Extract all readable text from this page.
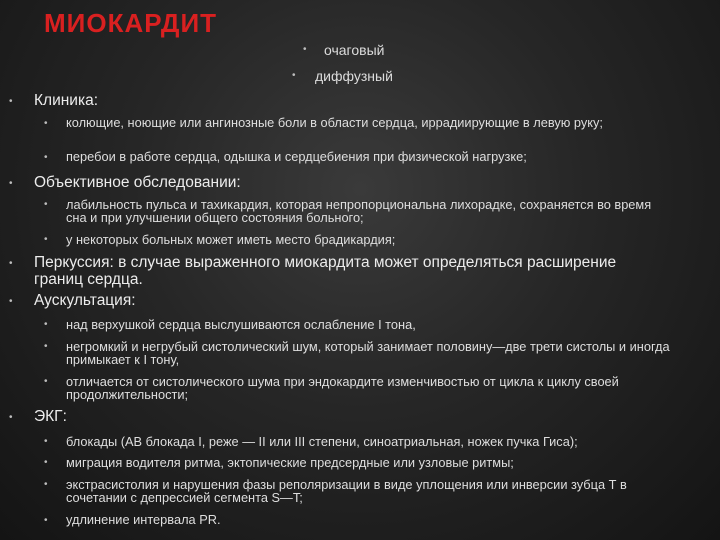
МИОКАРДИТ
• очаговый
• диффузный
• Клиника:
• колющие, ноющие или ангинозные боли в области сердца, иррадиирующие в левую руку;
• перебои в работе сердца, одышка и сердцебиения при физической нагрузке;
• Объективное обследовании:
• лабильность пульса и тахикардия, которая непропорциональна лихорадке, сохраняется во время сна и при улучшении общего состояния больного;
• у некоторых больных может иметь место брадикардия;
• Перкуссия: в случае выраженного миокардита может определяться расширение границ сердца.
• Аускультация:
• над верхушкой сердца выслушиваются ослабление I тона,
• негромкий и негрубый систолический шум, который занимает половину—две трети систолы и иногда примыкает к I тону,
• отличается от систолического шума при эндокардите изменчивостью от цикла к циклу своей продолжительности;
• ЭКГ:
• блокады (АВ блокада I, реже — II или III степени, синоатриальная, ножек пучка Гиса);
• миграция водителя ритма, эктопические предсердные или узловые ритмы;
• экстрасистолия и нарушения фазы реполяризации в виде уплощения или инверсии зубца Т в сочетании с депрессией сегмента S—T;
• удлинение интервала PR.
